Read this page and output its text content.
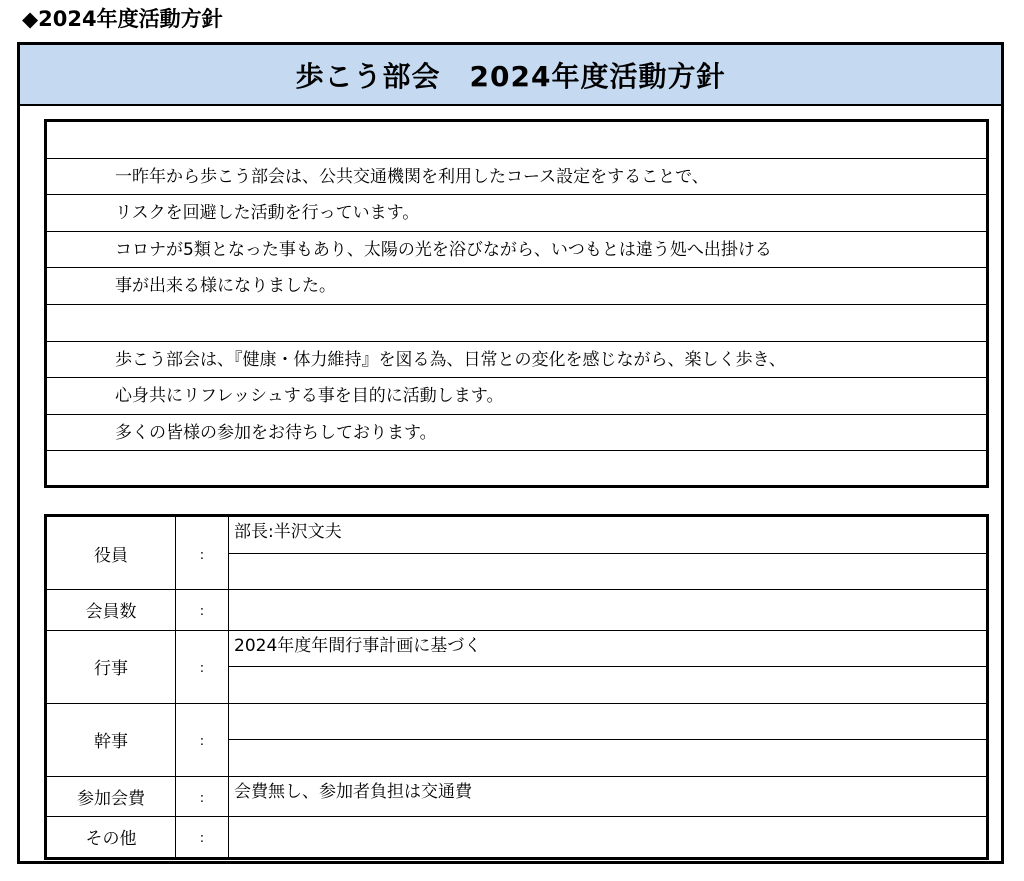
◆2024年度活動方針
歩こう部会　2024年度活動方針
一昨年から歩こう部会は、公共交通機関を利用したコース設定をすることで、
リスクを回避した活動を行っています。
コロナが5類となった事もあり、太陽の光を浴びながら、いつもとは違う処へ出掛ける
事が出来る様になりました。
歩こう部会は、『健康・体力維持』を図る為、日常との変化を感じながら、楽しく歩き、
心身共にリフレッシュする事を目的に活動します。
多くの皆様の参加をお待ちしております。
役員	:	部長:半沢文夫

会員数	:	
行事	:	2024年度年間行事計画に基づく

幹事	:	

参加会費	:	会費無し、参加者負担は交通費
その他	:	
